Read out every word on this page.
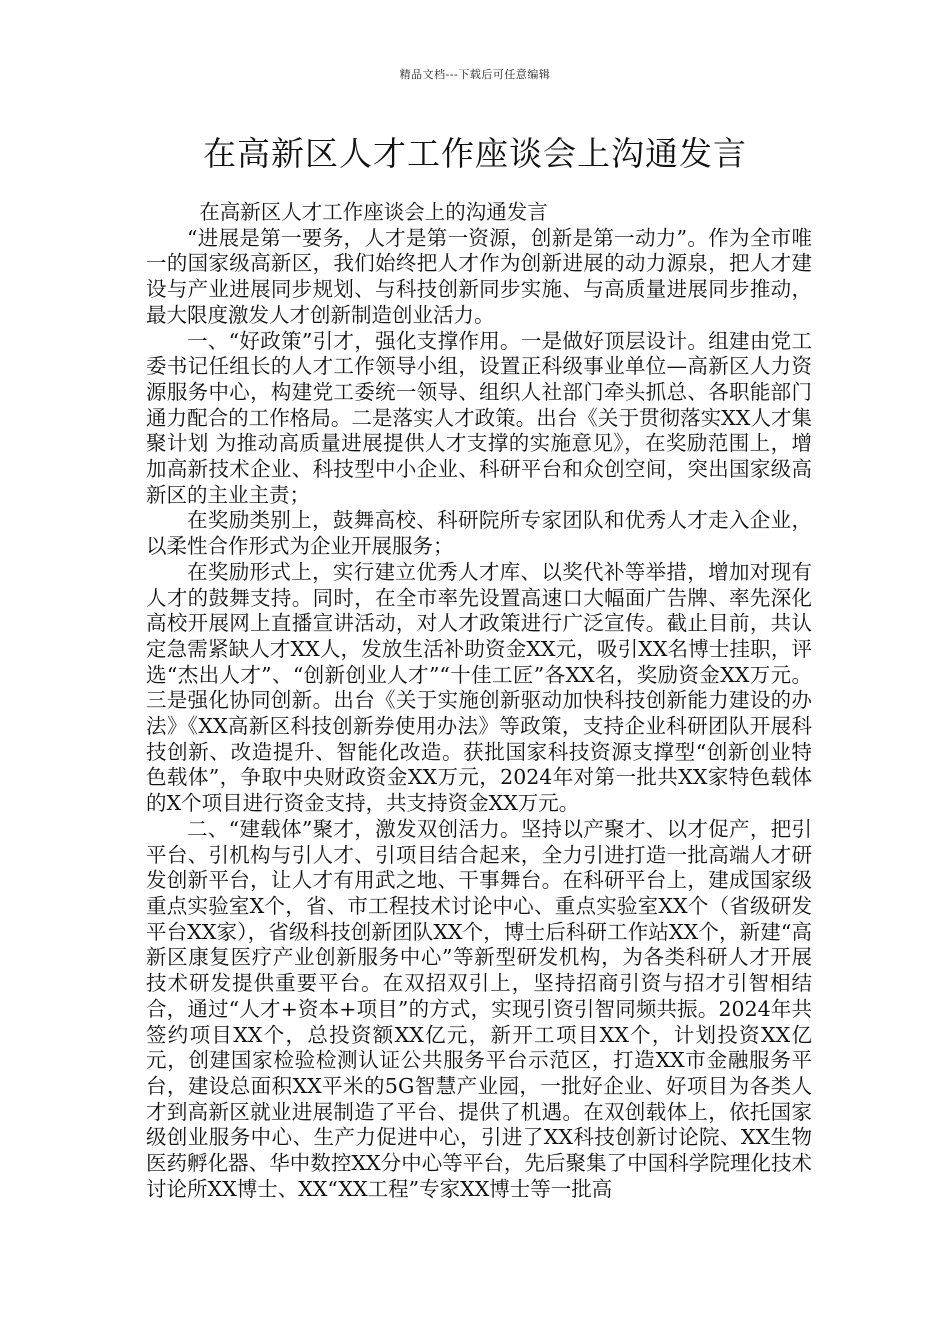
精品文档---下载后可任意编辑
在高新区人才工作座谈会上沟通发言

在高新区人才工作座谈会上的沟通发言

“进展是第一要务，人才是第一资源，创新是第一动力”。作为全市唯一的国家级高新区，我们始终把人才作为创新进展的动力源泉，把人才建设与产业进展同步规划、与科技创新同步实施、与高质量进展同步推动，最大限度激发人才创新制造创业活力。

一、“好政策”引才，强化支撑作用。一是做好顶层设计。组建由党工委书记任组长的人才工作领导小组，设置正科级事业单位—高新区人力资源服务中心，构建党工委统一领导、组织人社部门牵头抓总、各职能部门通力配合的工作格局。二是落实人才政策。出台《关于贯彻落实XX人才集聚计划 为推动高质量进展提供人才支撑的实施意见》，在奖励范围上，增加高新技术企业、科技型中小企业、科研平台和众创空间，突出国家级高新区的主业主责；

在奖励类别上，鼓舞高校、科研院所专家团队和优秀人才走入企业，以柔性合作形式为企业开展服务；

在奖励形式上，实行建立优秀人才库、以奖代补等举措，增加对现有人才的鼓舞支持。同时，在全市率先设置高速口大幅面广告牌、率先深化高校开展网上直播宣讲活动，对人才政策进行广泛宣传。截止目前，共认定急需紧缺人才XX人，发放生活补助资金XX元，吸引XX名博士挂职，评选“杰出人才”、“创新创业人才”“十佳工匠”各XX名，奖励资金XX万元。三是强化协同创新。出台《关于实施创新驱动加快科技创新能力建设的办法》《XX高新区科技创新券使用办法》等政策，支持企业科研团队开展科技创新、改造提升、智能化改造。获批国家科技资源支撑型“创新创业特色载体”，争取中央财政资金XX万元，2024年对第一批共XX家特色载体的X个项目进行资金支持，共支持资金XX万元。

二、“建载体”聚才，激发双创活力。坚持以产聚才、以才促产，把引平台、引机构与引人才、引项目结合起来，全力引进打造一批高端人才研发创新平台，让人才有用武之地、干事舞台。在科研平台上，建成国家级重点实验室X个，省、市工程技术讨论中心、重点实验室XX个（省级研发平台XX家），省级科技创新团队XX个，博士后科研工作站XX个，新建“高新区康复医疗产业创新服务中心”等新型研发机构，为各类科研人才开展技术研发提供重要平台。在双招双引上，坚持招商引资与招才引智相结合，通过“人才+资本+项目”的方式，实现引资引智同频共振。2024年共签约项目XX个，总投资额XX亿元，新开工项目XX个，计划投资XX亿元，创建国家检验检测认证公共服务平台示范区，打造XX市金融服务平台，建设总面积XX平米的5G智慧产业园，一批好企业、好项目为各类人才到高新区就业进展制造了平台、提供了机遇。在双创载体上，依托国家级创业服务中心、生产力促进中心，引进了XX科技创新讨论院、XX生物医药孵化器、华中数控XX分中心等平台，先后聚集了中国科学院理化技术讨论所XX博士、XX“XX工程”专家XX博士等一批高
